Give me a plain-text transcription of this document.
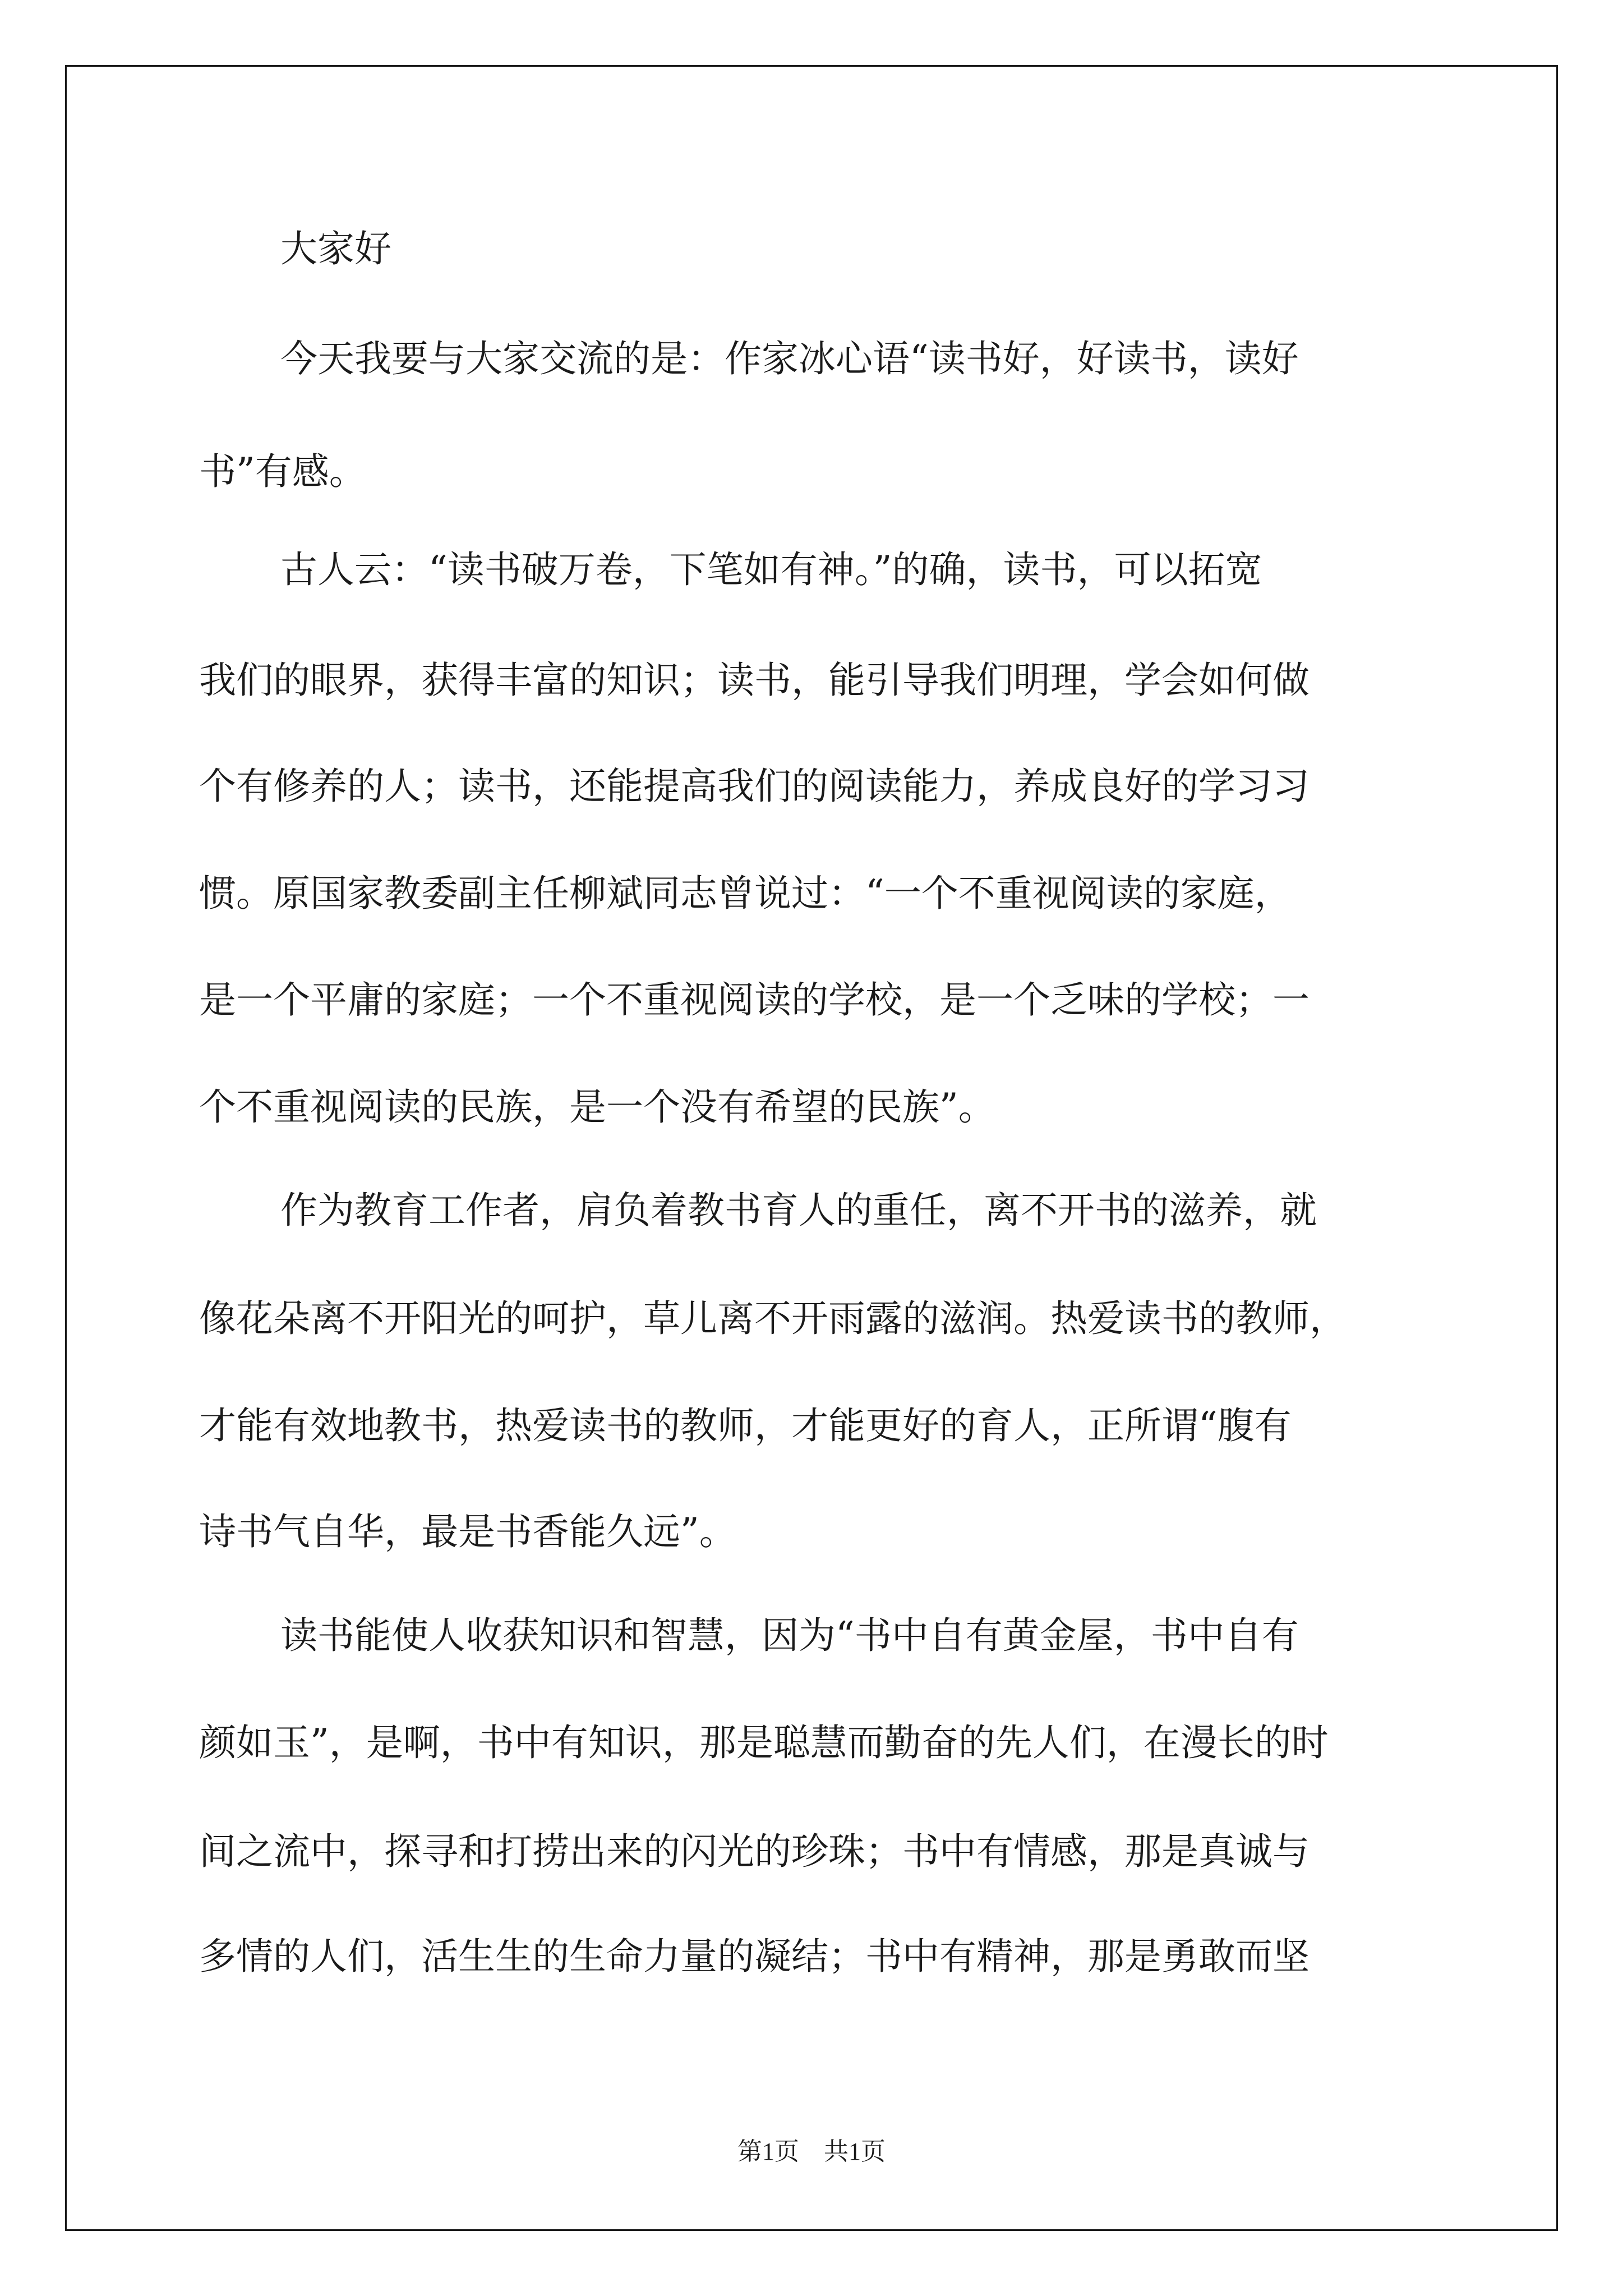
大家好

今天我要与大家交流的是：作家冰心语“读书好，好读书，读好

书”有感。

古人云：“读书破万卷，下笔如有神。”的确，读书，可以拓宽

我们的眼界，获得丰富的知识；读书，能引导我们明理，学会如何做

个有修养的人；读书，还能提高我们的阅读能力，养成良好的学习习

惯。原国家教委副主任柳斌同志曾说过：“一个不重视阅读的家庭，

是一个平庸的家庭；一个不重视阅读的学校，是一个乏味的学校；一

个不重视阅读的民族，是一个没有希望的民族”。

作为教育工作者，肩负着教书育人的重任，离不开书的滋养，就

像花朵离不开阳光的呵护，草儿离不开雨露的滋润。热爱读书的教师，

才能有效地教书，热爱读书的教师，才能更好的育人，正所谓“腹有

诗书气自华，最是书香能久远”。

读书能使人收获知识和智慧，因为“书中自有黄金屋，书中自有

颜如玉”，是啊，书中有知识，那是聪慧而勤奋的先人们，在漫长的时

间之流中，探寻和打捞出来的闪光的珍珠；书中有情感，那是真诚与

多情的人们，活生生的生命力量的凝结；书中有精神，那是勇敢而坚

第1页　共1页
